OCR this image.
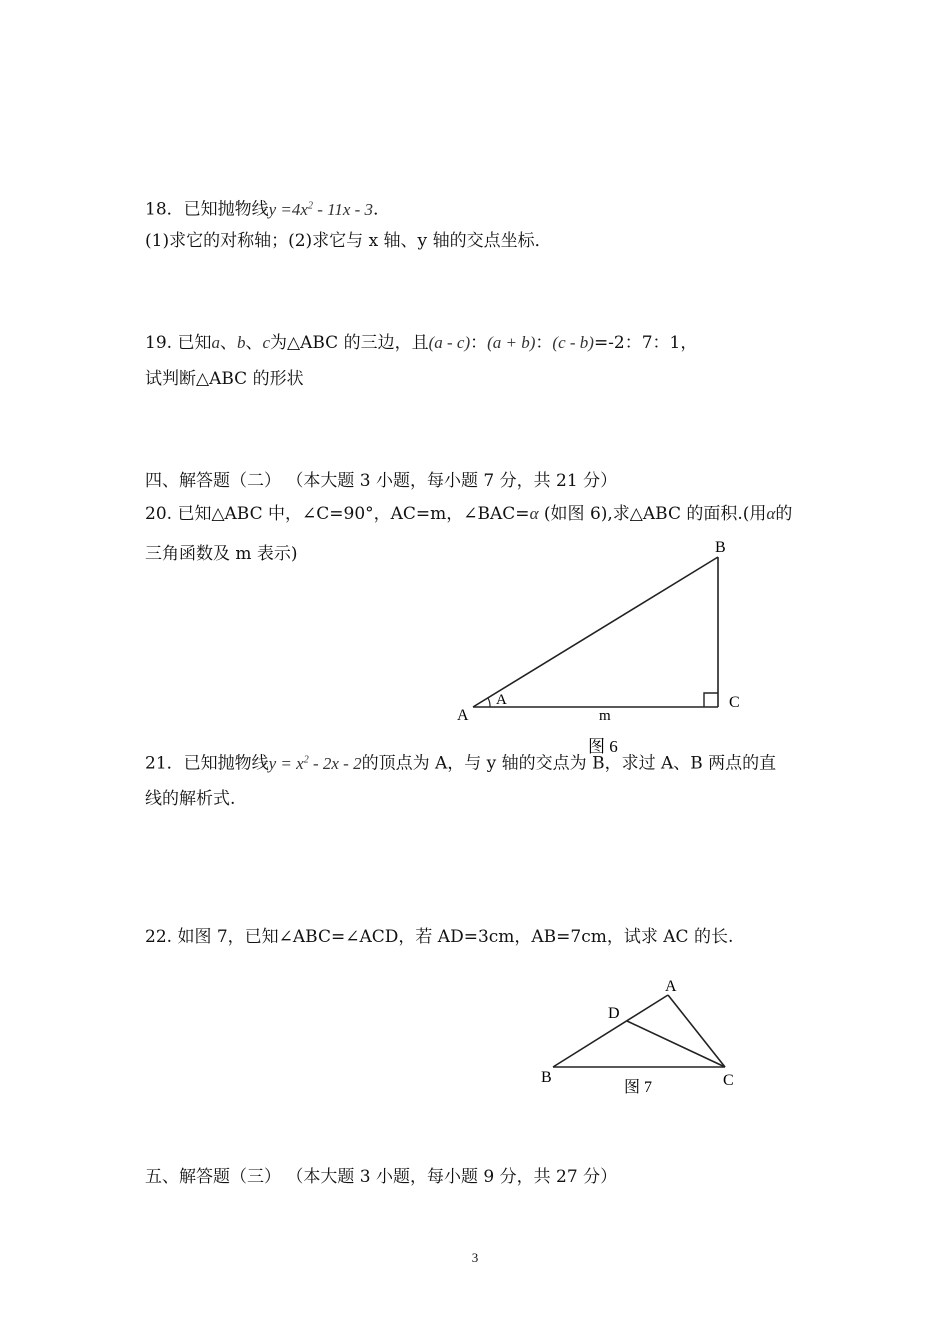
18．已知抛物线$y =4x^2 - 11x - 3$．
(1)求它的对称轴；(2)求它与 x 轴、y 轴的交点坐标．
19. 已知a、b、c为△ABC 的三边，且(a - c)：(a + b)：(c - b)=-2：7：1，
试判断△ABC 的形状
四、解答题（二） （本大题 3 小题，每小题 7 分，共 21 分）
20. 已知△ABC 中，∠C=90°，AC=m，∠BAC=α (如图 6),求△ABC 的面积.(用α的
三角函数及 m 表示)
A
B
C
A
m
图 6
21．已知抛物线$y = x^2 - 2x - 2$的顶点为 A，与 y 轴的交点为 B，求过 A、B 两点的直
线的解析式.
22. 如图 7，已知∠ABC=∠ACD，若 AD=3cm，AB=7cm，试求 AC 的长.
A
B	C
D
图 7
五、解答题（三） （本大题 3 小题，每小题 9 分，共 27 分）
3
